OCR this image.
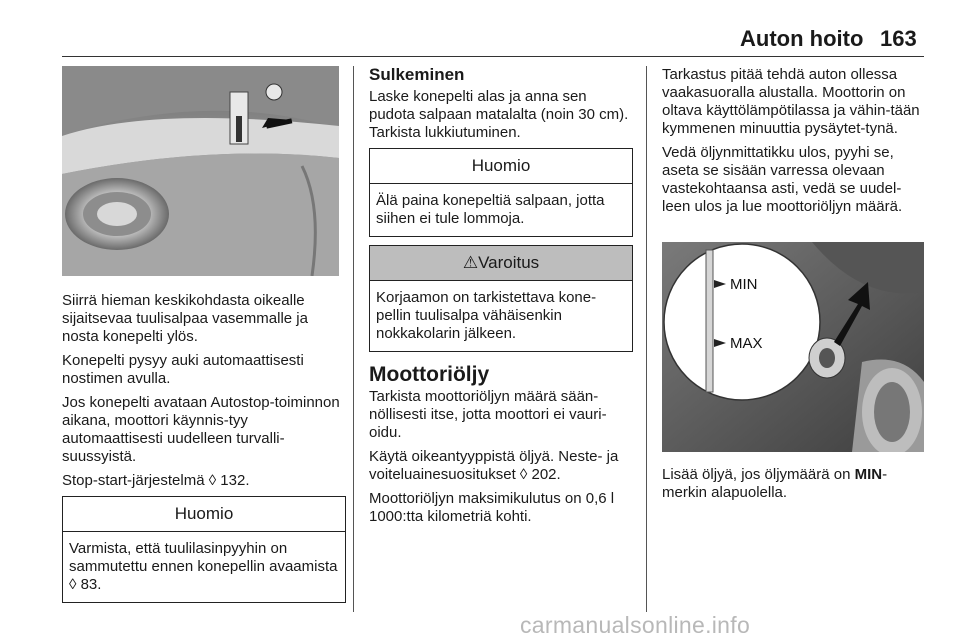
Auton hoito 163

Siirrä hieman keskikohdasta oikealle sijaitsevaa tuulisalpaa vasemmalle ja nosta konepelti ylös.

Konepelti pysyy auki automaattisesti nostimen avulla.

Jos konepelti avataan Autostop-toiminnon aikana, moottori käynnis-tyy automaattisesti uudelleen turvalli-suussyistä.

Stop-start-järjestelmä ◊ 132.

Huomio
Varmista, että tuulilasinpyyhin on sammutettu ennen konepellin avaamista ◊ 83.
Sulkeminen

Laske konepelti alas ja anna sen pudota salpaan matalalta (noin 30 cm). Tarkista lukkiutuminen.

Huomio
Älä paina konepeltiä salpaan, jotta siihen ei tule lommoja.
⚠Varoitus
Korjaamon on tarkistettava kone-pellin tuulisalpa vähäisenkin nokkakolarin jälkeen.
Moottoriöljy

Tarkista moottoriöljyn määrä sään-nöllisesti itse, jotta moottori ei vauri-oidu.

Käytä oikeantyyppistä öljyä. Neste- ja voiteluainesuositukset ◊ 202.

Moottoriöljyn maksimikulutus on 0,6 l 1000:tta kilometriä kohti.

Tarkastus pitää tehdä auton ollessa vaakasuoralla alustalla. Moottorin on oltava käyttölämpötilassa ja vähin-tään kymmenen minuuttia pysäytet-tynä.

Vedä öljynmittatikku ulos, pyyhi se, aseta se sisään varressa olevaan vastekohtaansa asti, vedä se uudel-leen ulos ja lue moottoriöljyn määrä.

MIN
MAX

Lisää öljyä, jos öljymäärä on MIN-merkin alapuolella.

carmanualsonline.info
